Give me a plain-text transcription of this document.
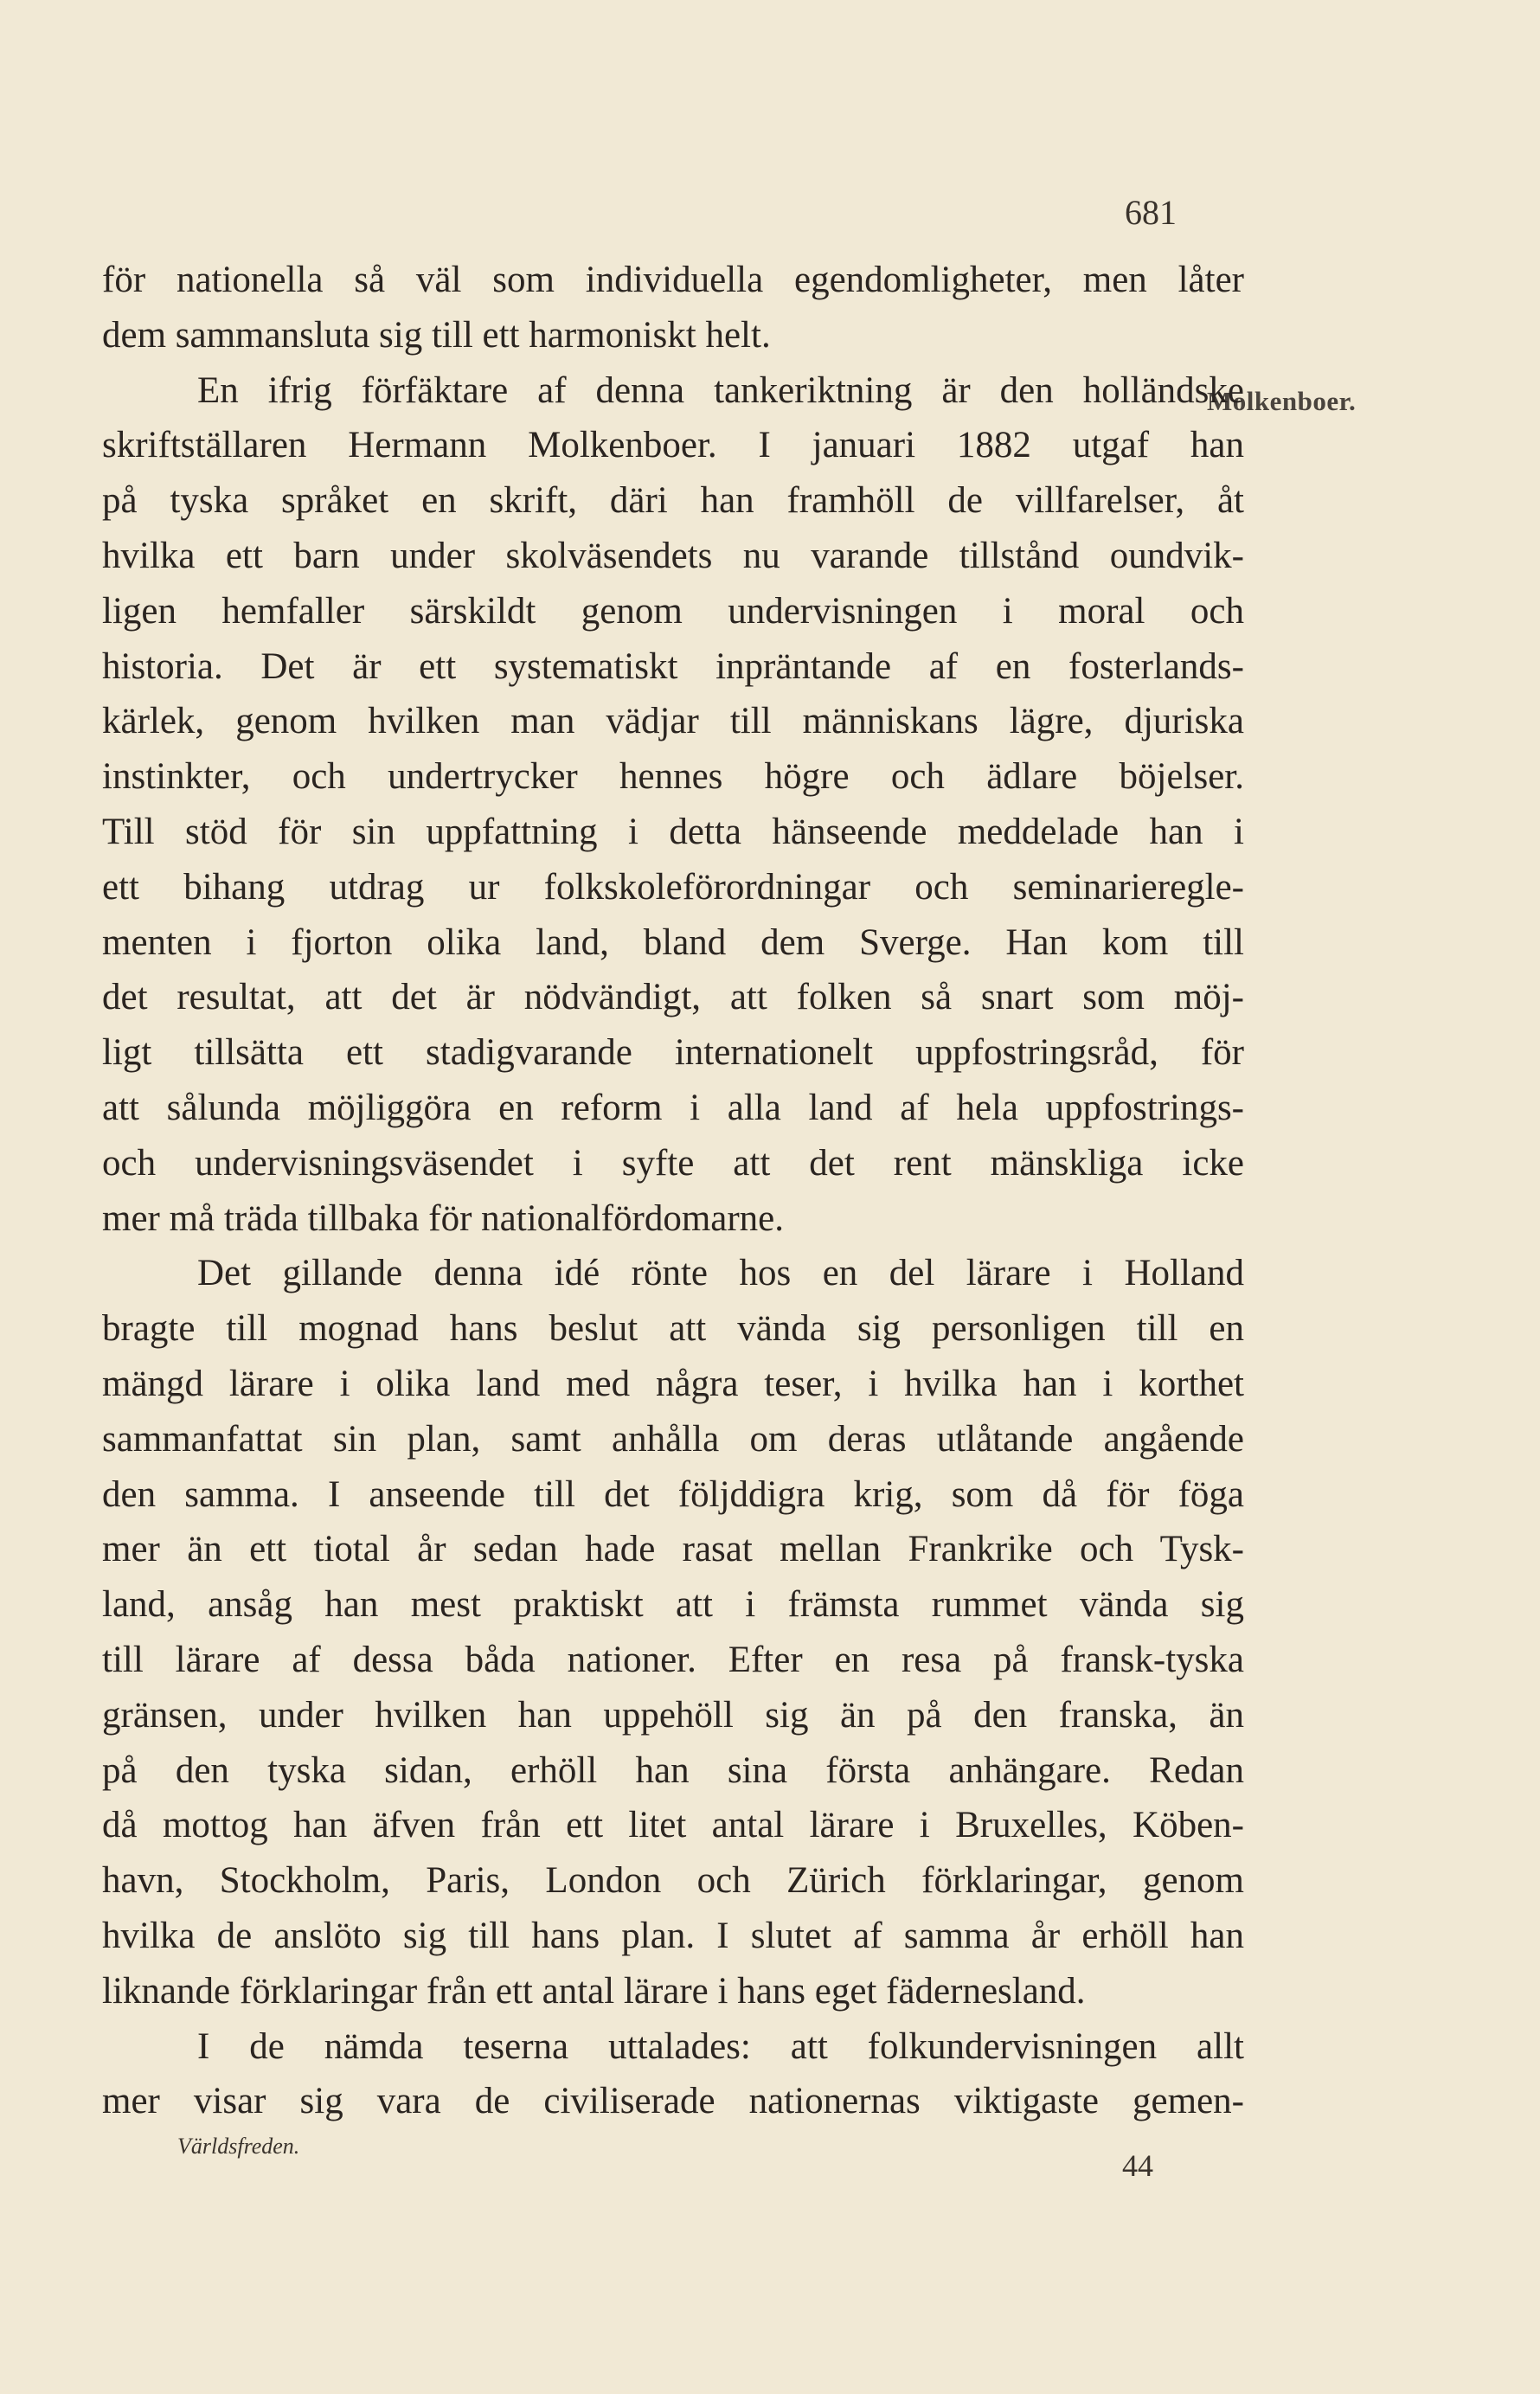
681
Molkenboer.
för nationella så väl som individuella egendomligheter, men låter
dem sammansluta sig till ett harmoniskt helt.
En ifrig förfäktare af denna tankeriktning är den holländske
skriftställaren Hermann Molkenboer. I januari 1882 utgaf han
på tyska språket en skrift, däri han framhöll de villfarelser, åt
hvilka ett barn under skolväsendets nu varande tillstånd oundvik-
ligen hemfaller särskildt genom undervisningen i moral och
historia. Det är ett systematiskt inpräntande af en fosterlands-
kärlek, genom hvilken man vädjar till människans lägre, djuriska
instinkter, och undertrycker hennes högre och ädlare böjelser.
Till stöd för sin uppfattning i detta hänseende meddelade han i
ett bihang utdrag ur folkskoleförordningar och seminariereglе-
menten i fjorton olika land, bland dem Sverge. Han kom till
det resultat, att det är nödvändigt, att folken så snart som möj-
ligt tillsätta ett stadigvarande internationelt uppfostringsråd, för
att sålunda möjliggöra en reform i alla land af hela uppfostrings-
och undervisningsväsendet i syfte att det rent mänskliga icke
mer må träda tillbaka för nationalfördomarne.
Det gillande denna idé rönte hos en del lärare i Holland
bragte till mognad hans beslut att vända sig personligen till en
mängd lärare i olika land med några teser, i hvilka han i korthet
sammanfattat sin plan, samt anhålla om deras utlåtande angående
den samma. I anseende till det följddigra krig, som då för föga
mer än ett tiotal år sedan hade rasat mellan Frankrike och Tysk-
land, ansåg han mest praktiskt att i främsta rummet vända sig
till lärare af dessa båda nationer. Efter en resa på fransk-tyska
gränsen, under hvilken han uppehöll sig än på den franska, än
på den tyska sidan, erhöll han sina första anhängare. Redan
då mottog han äfven från ett litet antal lärare i Bruxelles, Köben-
havn, Stockholm, Paris, London och Zürich förklaringar, genom
hvilka de anslöto sig till hans plan. I slutet af samma år erhöll han
liknande förklaringar från ett antal lärare i hans eget fädernesland.
I de nämda teserna uttalades: att folkundervisningen allt
mer visar sig vara de civiliserade nationernas viktigaste gemen-
Världsfreden.
44
